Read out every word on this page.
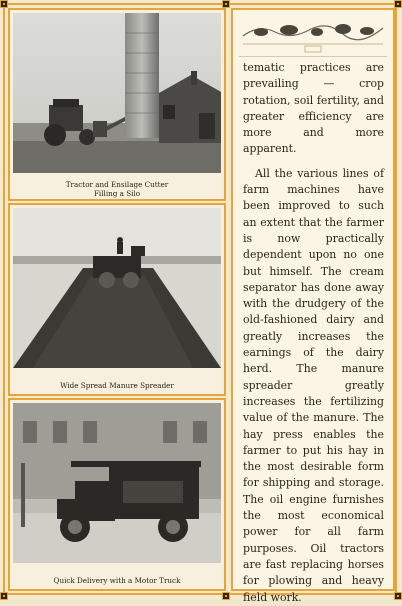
Tractor and Ensilage Cutter
Filling a Silo
Wide Spread Manure Spreader
Quick Delivery with a Motor Truck

tematic practices are prevailing — crop rotation, soil fertility, and greater efficiency are more and more apparent.

All the various lines of farm machines have been improved to such an extent that the farmer is now practically dependent upon no one but himself. The cream separator has done away with the drudgery of the old-fashioned dairy and greatly increases the earnings of the dairy herd. The manure spreader greatly increases the fertilizing value of the manure. The hay press enables the farmer to put his hay in the most desirable form for shipping and storage. The oil engine furnishes the most economical power for all farm purposes. Oil tractors are fast replacing horses for plowing and heavy field work.
